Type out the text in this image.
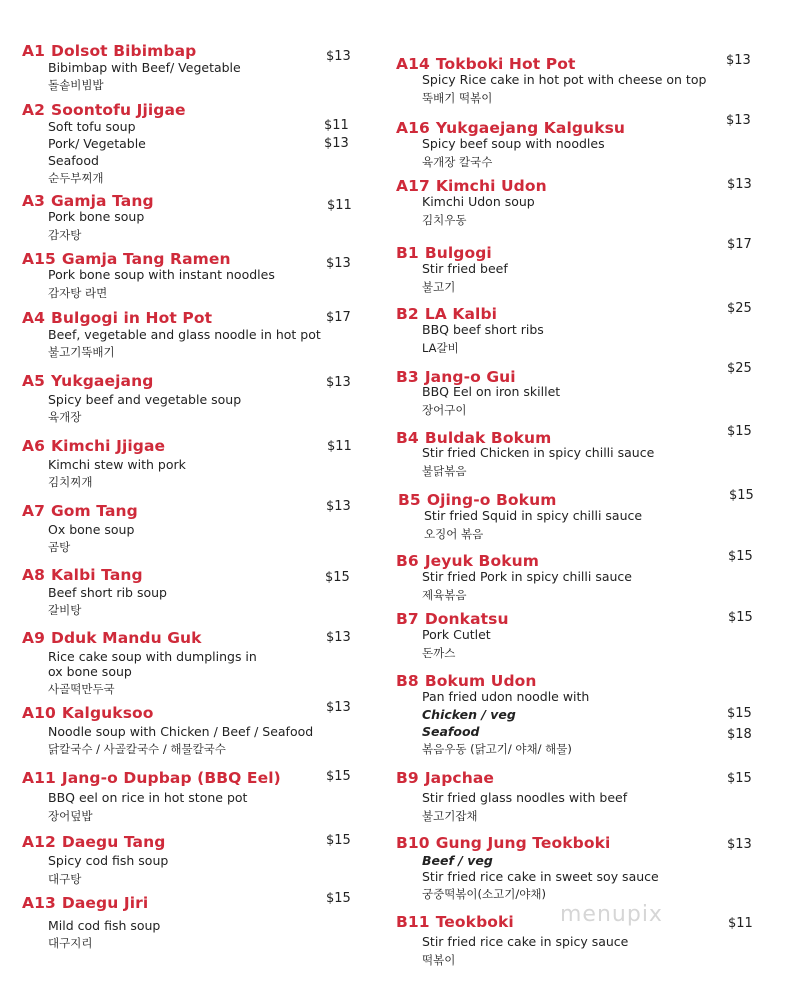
A1 Dolsot Bibimbap
Bibimbap with Beef/ Vegetable
돌솥비빔밥
$13
A2 Soontofu Jjigae
Soft tofu soup
Pork/ Vegetable
Seafood
순두부찌개
$11
$13
A3 Gamja Tang
Pork bone soup
감자탕
$11
A15 Gamja Tang Ramen
Pork bone soup with instant noodles
감자탕 라면
$13
A4 Bulgogi in Hot Pot
Beef, vegetable and glass noodle in hot pot
불고기뚝배기
$17
A5 Yukgaejang
Spicy beef and vegetable soup
육개장
$13
A6 Kimchi Jjigae
Kimchi stew with pork
김치찌개
$11
A7 Gom Tang
Ox bone soup
곰탕
$13
A8 Kalbi Tang
Beef short rib soup
갈비탕
$15
A9 Dduk Mandu Guk
Rice cake soup with dumplings in
ox bone soup
사골떡만두국
$13
A10 Kalguksoo
Noodle soup with Chicken / Beef / Seafood
닭칼국수 / 사골칼국수 / 해물칼국수
$13
A11 Jang-o Dupbap (BBQ Eel)
BBQ eel on rice in hot stone pot
장어덮밥
$15
A12 Daegu Tang
Spicy cod fish soup
대구탕
$15
A13 Daegu Jiri
Mild cod fish soup
대구지리
$15
A14 Tokboki Hot Pot
Spicy Rice cake in hot pot with cheese on top
뚝배기 떡볶이
$13
A16 Yukgaejang Kalguksu
Spicy beef soup with noodles
육개장 칼국수
$13
A17 Kimchi Udon
Kimchi Udon soup
김치우동
$13
B1 Bulgogi
Stir fried beef
불고기
$17
B2 LA Kalbi
BBQ beef short ribs
LA갈비
$25
B3 Jang-o Gui
BBQ Eel on iron skillet
장어구이
$25
B4 Buldak Bokum
Stir fried Chicken in spicy chilli sauce
불닭볶음
$15
B5 Ojing-o Bokum
Stir fried Squid in spicy chilli sauce
오징어 볶음
$15
B6 Jeyuk Bokum
Stir fried Pork in spicy chilli sauce
제육볶음
$15
B7 Donkatsu
Pork Cutlet
돈까스
$15
B8 Bokum Udon
Pan fried udon noodle with
Chicken / veg
Seafood
볶음우동 (닭고기/ 야채/ 해물)
$15
$18
B9 Japchae
Stir fried glass noodles with beef
불고기잡채
$15
B10 Gung Jung Teokboki
Beef / veg
Stir fried rice cake in sweet soy sauce
궁중떡볶이(소고기/야채)
$13
B11 Teokboki
Stir fried rice cake in spicy sauce
떡볶이
$11
menupix
